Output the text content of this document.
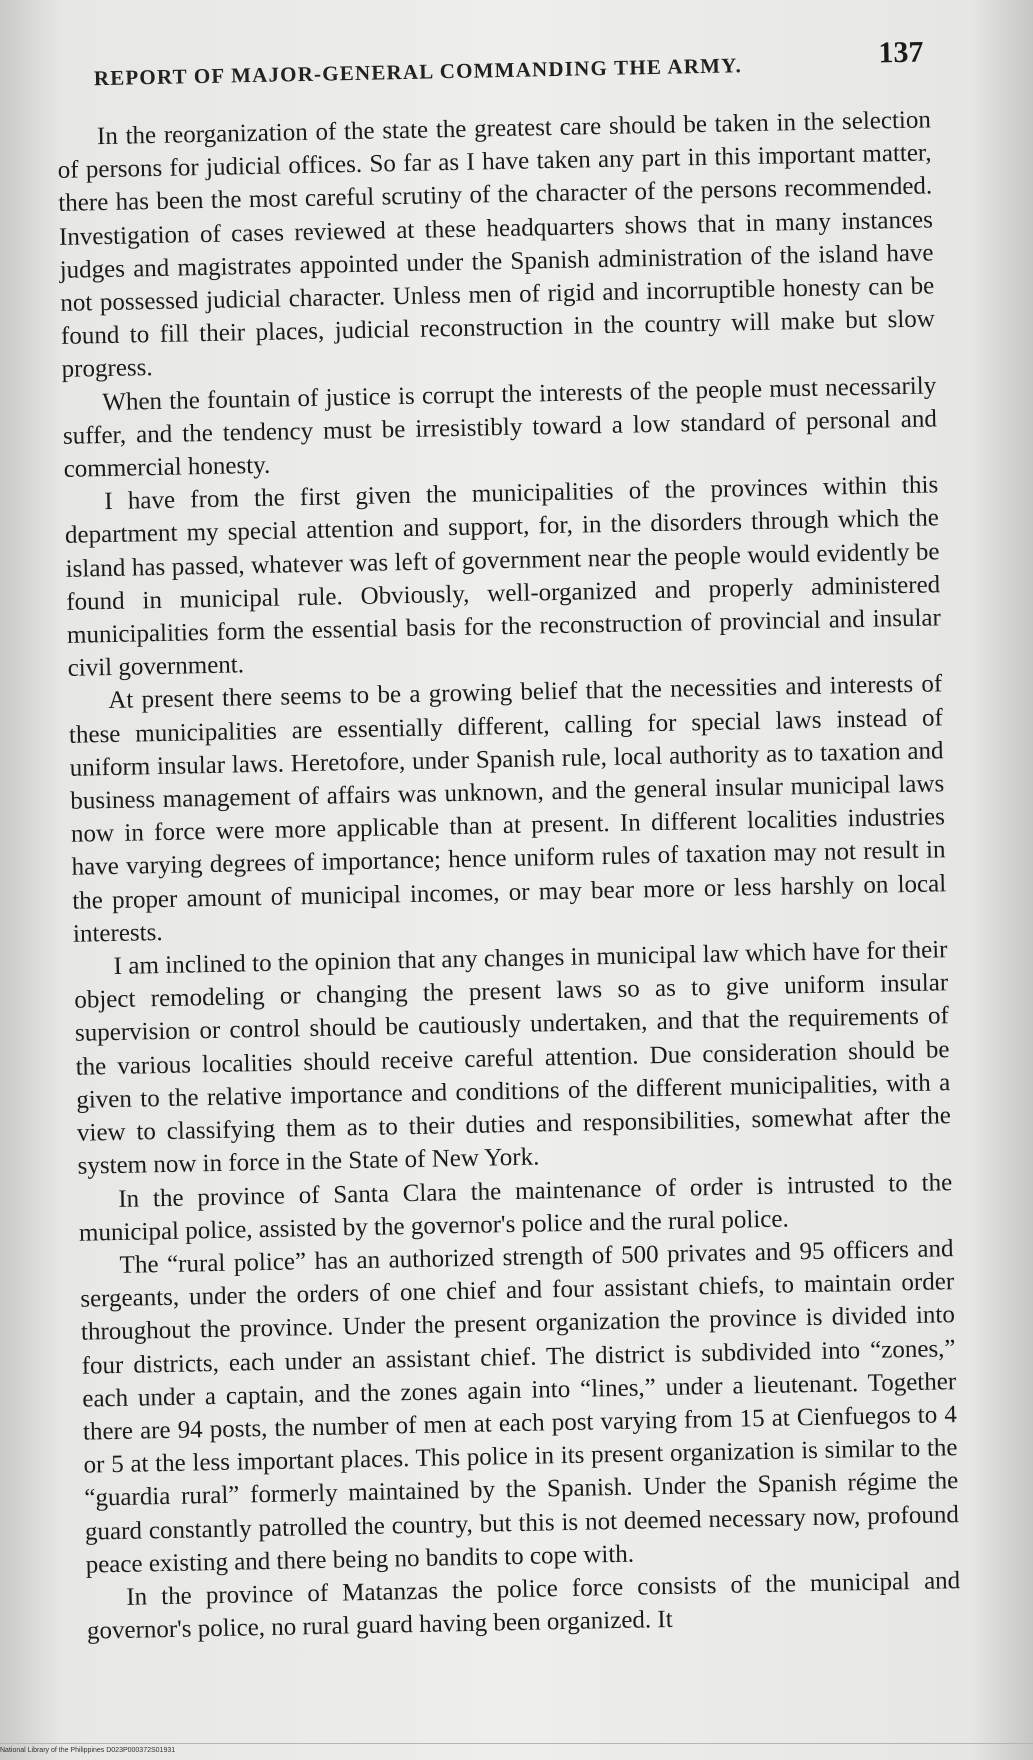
REPORT OF MAJOR-GENERAL COMMANDING THE ARMY.
137

In the reorganization of the state the greatest care should be taken in the selection of persons for judicial offices. So far as I have taken any part in this important matter, there has been the most careful scrutiny of the character of the persons recommended. Investigation of cases reviewed at these headquarters shows that in many instances judges and magistrates appointed under the Spanish administration of the island have not possessed judicial character. Unless men of rigid and incorruptible honesty can be found to fill their places, judicial reconstruction in the country will make but slow progress.

When the fountain of justice is corrupt the interests of the people must necessarily suffer, and the tendency must be irresistibly toward a low standard of personal and commercial honesty.

I have from the first given the municipalities of the provinces within this department my special attention and support, for, in the disorders through which the island has passed, whatever was left of government near the people would evidently be found in municipal rule. Obviously, well-organized and properly administered municipalities form the essential basis for the reconstruction of provincial and insular civil government.

At present there seems to be a growing belief that the necessities and interests of these municipalities are essentially different, calling for special laws instead of uniform insular laws. Heretofore, under Spanish rule, local authority as to taxation and business management of affairs was unknown, and the general insular municipal laws now in force were more applicable than at present. In different localities industries have varying degrees of importance; hence uniform rules of taxation may not result in the proper amount of municipal incomes, or may bear more or less harshly on local interests.

I am inclined to the opinion that any changes in municipal law which have for their object remodeling or changing the present laws so as to give uniform insular supervision or control should be cautiously undertaken, and that the requirements of the various localities should receive careful attention. Due consideration should be given to the relative importance and conditions of the different municipalities, with a view to classifying them as to their duties and responsibilities, somewhat after the system now in force in the State of New York.

In the province of Santa Clara the maintenance of order is intrusted to the municipal police, assisted by the governor's police and the rural police.

The “rural police” has an authorized strength of 500 privates and 95 officers and sergeants, under the orders of one chief and four assistant chiefs, to maintain order throughout the province. Under the present organization the province is divided into four districts, each under an assistant chief. The district is subdivided into “zones,” each under a captain, and the zones again into “lines,” under a lieutenant. Together there are 94 posts, the number of men at each post varying from 15 at Cienfuegos to 4 or 5 at the less important places. This police in its present organization is similar to the “guardia rural” formerly maintained by the Spanish. Under the Spanish régime the guard constantly patrolled the country, but this is not deemed necessary now, profound peace existing and there being no bandits to cope with.

In the province of Matanzas the police force consists of the municipal and governor's police, no rural guard having been organized. It

National Library of the Philippines D023P000372S01931
